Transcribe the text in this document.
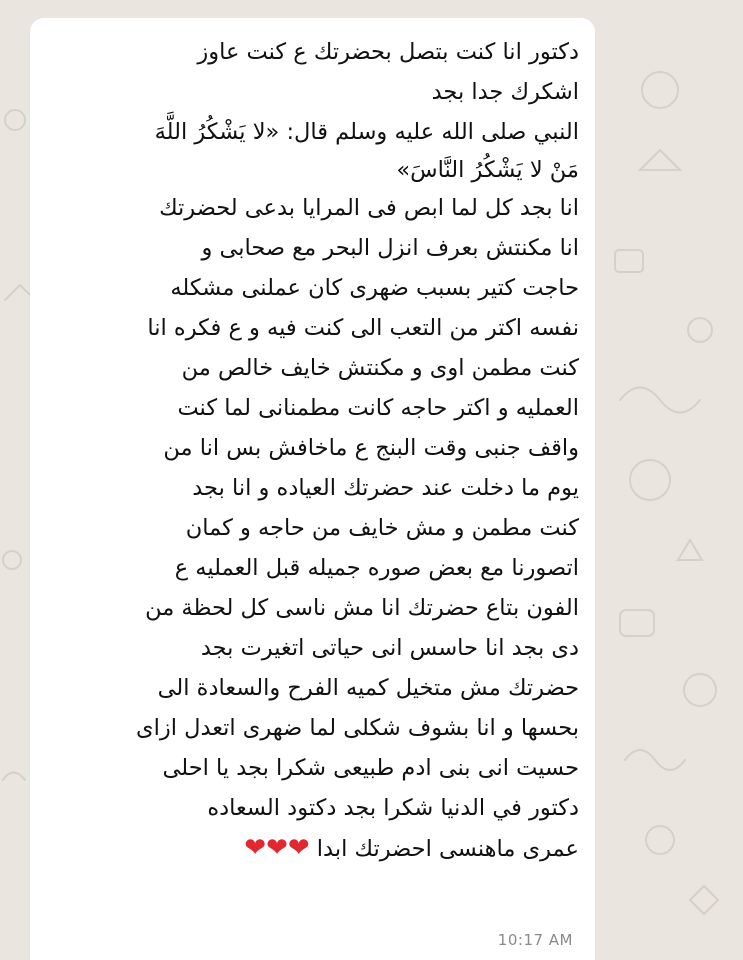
دكتور انا كنت بتصل بحضرتك ع كنت عاوز
اشكرك جدا بجد
النبي صلى الله عليه وسلم قال: «لا يَشْكُرُ اللَّهَ
مَنْ لا يَشْكُرُ النَّاسَ»
انا بجد كل لما ابص فى المرايا بدعى لحضرتك
انا مكنتش بعرف انزل البحر مع صحابى و
حاجت كتير بسبب ضهرى كان عملنى مشكله
نفسه اكتر من التعب الى كنت فيه و ع فكره انا
كنت مطمن اوى و مكنتش خايف خالص من
العمليه و اكتر حاجه كانت مطمنانى لما كنت
واقف جنبى وقت البنج ع ماخافش بس انا من
يوم ما دخلت عند حضرتك العياده و انا بجد
كنت مطمن و مش خايف من حاجه و كمان
اتصورنا مع بعض صوره جميله قبل العمليه ع
الفون بتاع حضرتك انا مش ناسى كل لحظة من
دى بجد انا حاسس انى حياتى اتغيرت بجد
حضرتك مش متخيل كميه الفرح والسعادة الى
بحسها و انا بشوف شكلى لما ضهرى اتعدل ازاى
حسيت انى بنى ادم طبيعى شكرا بجد يا احلى
دكتور في الدنيا شكرا بجد دكتود السعاده
عمرى ماهنسى احضرتك ابدا ❤❤❤
10:17 AM
